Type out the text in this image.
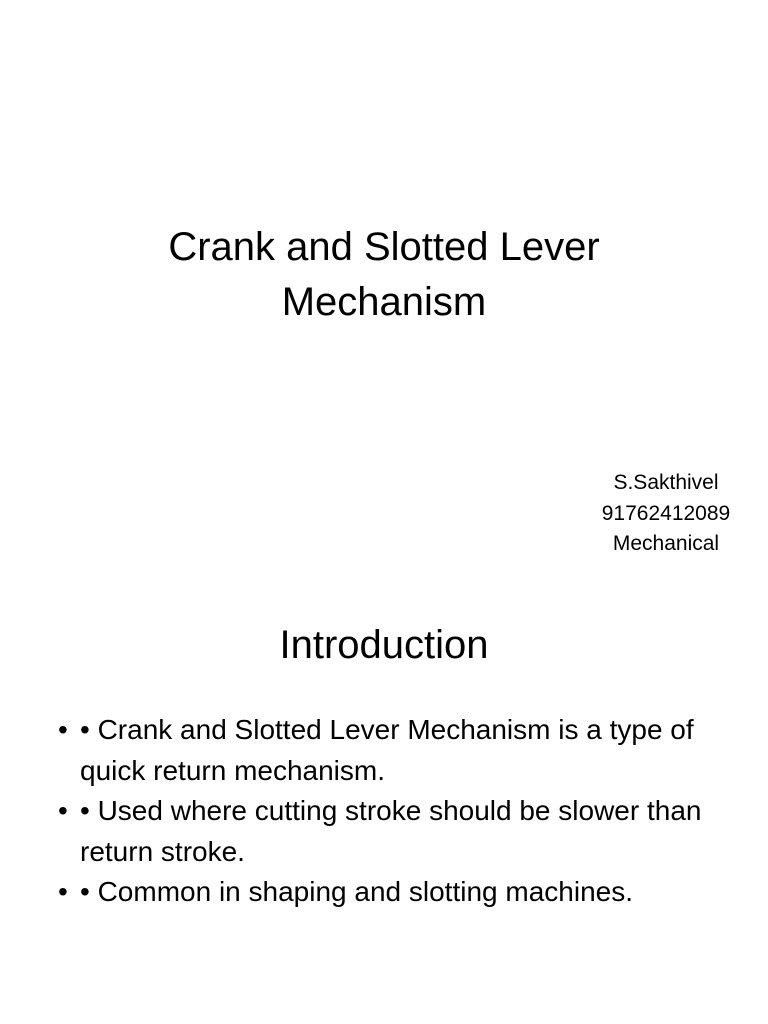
Crank and Slotted Lever
Mechanism
S.Sakthivel
91762412089
Mechanical
Introduction
• • Crank and Slotted Lever Mechanism is a type of quick return mechanism.
• • Used where cutting stroke should be slower than return stroke.
• • Common in shaping and slotting machines.
